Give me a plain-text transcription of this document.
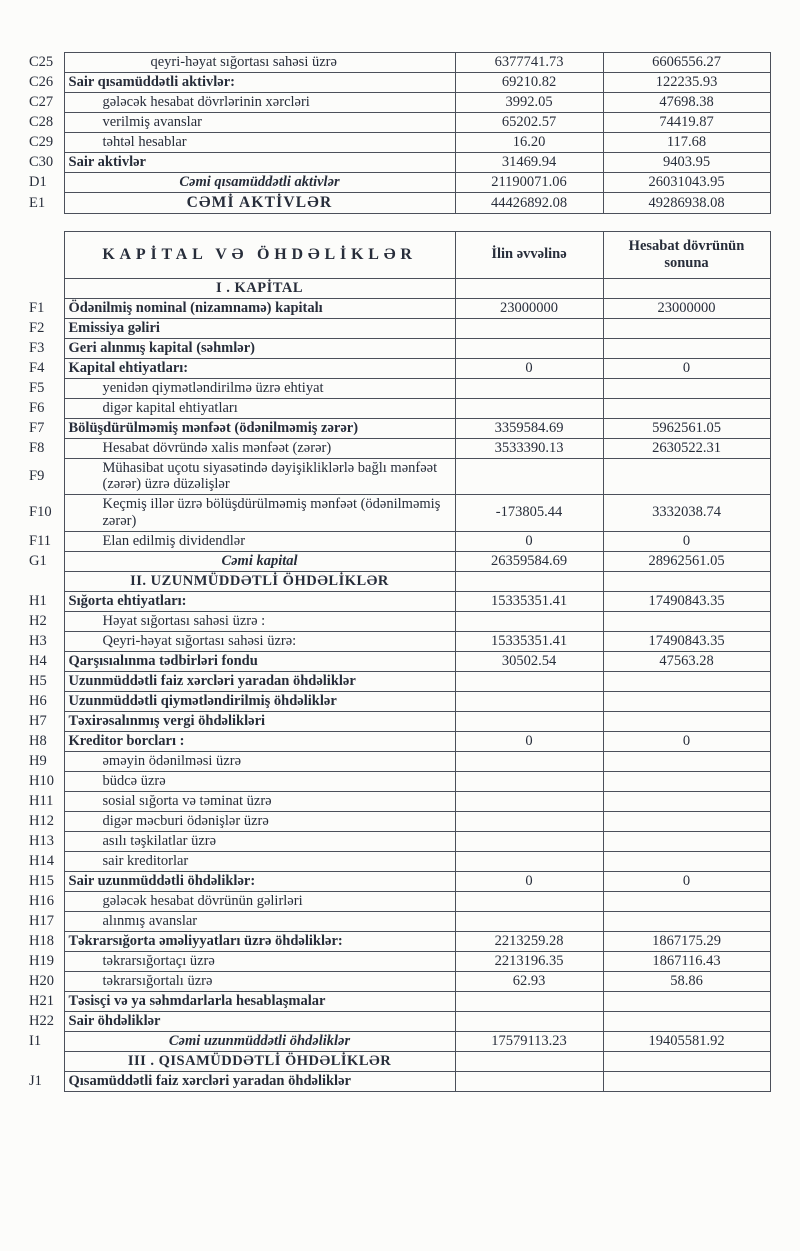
C25	qeyri-həyat sığortası sahəsi üzrə	6377741.73	6606556.27
C26	Sair qısamüddətli aktivlər:	69210.82	122235.93
C27	gələcək hesabat dövrlərinin xərcləri	3992.05	47698.38
C28	verilmiş avanslar	65202.57	74419.87
C29	təhtəl hesablar	16.20	117.68
C30	Sair aktivlər	31469.94	9403.95
D1	Cəmi qısamüddətli aktivlər	21190071.06	26031043.95
E1	CƏMİ AKTİVLƏR	44426892.08	49286938.08
	KAPİTAL VƏ ÖHDƏLİKLƏR	İlin əvvəlinə	Hesabat dövrünün sonuna
	I . KAPİTAL		
F1	Ödənilmiş nominal (nizamnamə) kapitalı	23000000	23000000
F2	Emissiya gəliri		
F3	Geri alınmış kapital (səhmlər)		
F4	Kapital ehtiyatları:	0	0
F5	yenidən qiymətləndirilmə üzrə ehtiyat		
F6	digər kapital ehtiyatları		
F7	Bölüşdürülməmiş mənfəət (ödənilməmiş zərər)	3359584.69	5962561.05
F8	Hesabat dövründə xalis mənfəət (zərər)	3533390.13	2630522.31
F9	Mühasibat uçotu siyasətində dəyişikliklərlə bağlı mənfəət (zərər) üzrə düzəlişlər		
F10	Keçmiş illər üzrə bölüşdürülməmiş mənfəət (ödənilməmiş zərər)	-173805.44	3332038.74
F11	Elan edilmiş dividendlər	0	0
G1	Cəmi kapital	26359584.69	28962561.05
	II. UZUNMÜDDƏTLİ ÖHDƏLİKLƏR		
H1	Sığorta ehtiyatları:	15335351.41	17490843.35
H2	Həyat sığortası sahəsi üzrə :		
H3	Qeyri-həyat sığortası sahəsi üzrə:	15335351.41	17490843.35
H4	Qarşısıalınma tədbirləri fondu	30502.54	47563.28
H5	Uzunmüddətli faiz xərcləri yaradan öhdəliklər		
H6	Uzunmüddətli qiymətləndirilmiş öhdəliklər		
H7	Təxirəsalınmış vergi öhdəlikləri		
H8	Kreditor borcları :	0	0
H9	əməyin ödənilməsi üzrə		
H10	büdcə üzrə		
H11	sosial sığorta və təminat üzrə		
H12	digər məcburi ödənişlər üzrə		
H13	asılı təşkilatlar üzrə		
H14	sair kreditorlar		
H15	Sair uzunmüddətli öhdəliklər:	0	0
H16	gələcək hesabat dövrünün gəlirləri		
H17	alınmış avanslar		
H18	Təkrarsığorta əməliyyatları üzrə öhdəliklər:	2213259.28	1867175.29
H19	təkrarsığortaçı üzrə	2213196.35	1867116.43
H20	təkrarsığortalı üzrə	62.93	58.86
H21	Təsisçi və ya səhmdarlarla hesablaşmalar		
H22	Sair öhdəliklər		
I1	Cəmi uzunmüddətli öhdəliklər	17579113.23	19405581.92
	III . QISAMÜDDƏTLİ ÖHDƏLİKLƏR		
J1	Qısamüddətli faiz xərcləri yaradan öhdəliklər		
